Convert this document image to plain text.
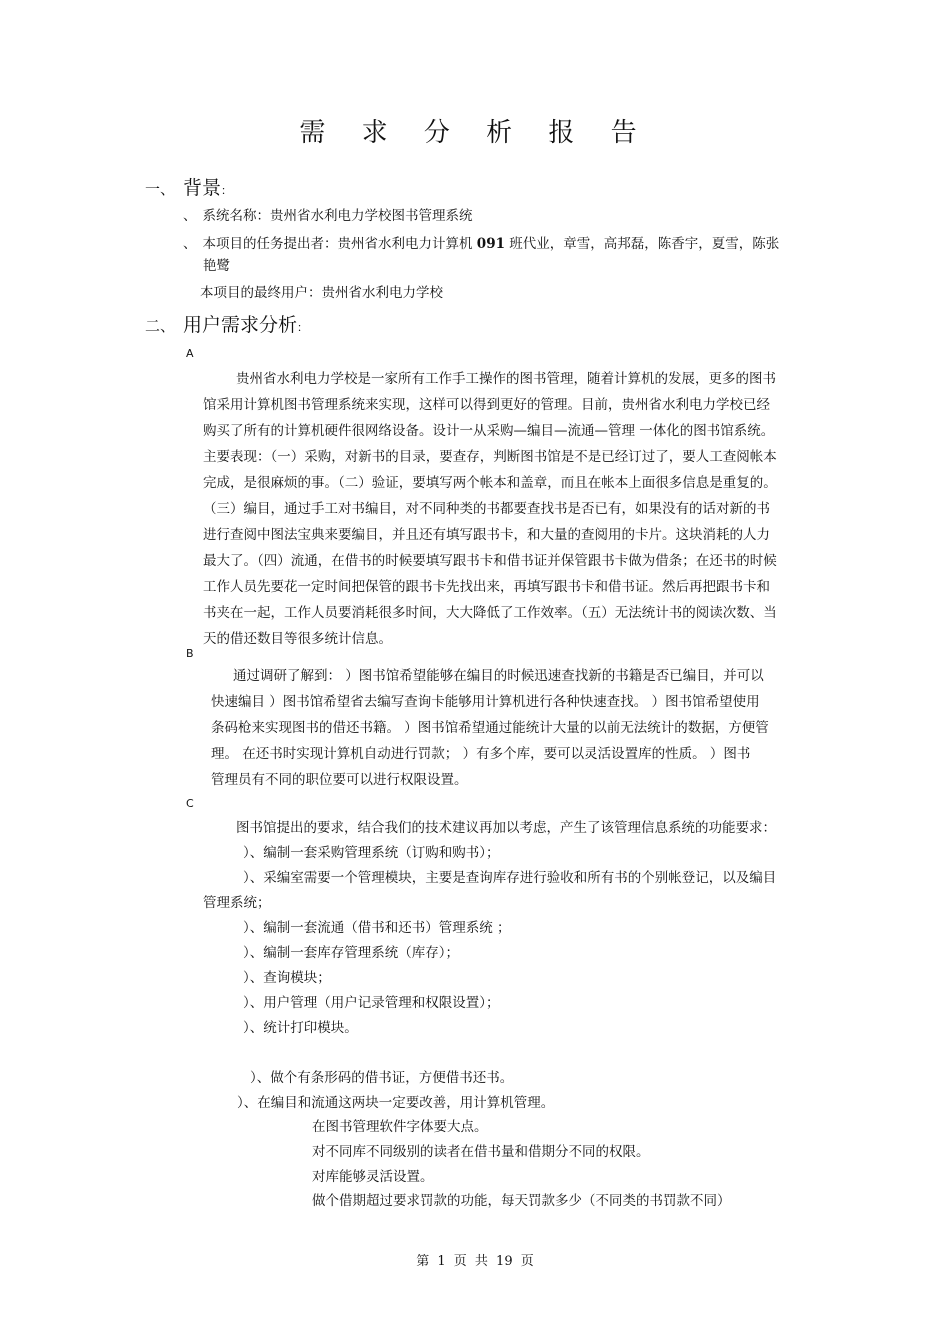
需 求 分 析 报 告
一、 背景：
、 系统名称：贵州省水利电力学校图书管理系统
、 本项目的任务提出者：贵州省水利电力计算机 091 班代业，章雪，高邦磊，陈香宇，夏雪，陈张
艳鹭
本项目的最终用户：贵州省水利电力学校
二、 用户需求分析：
A
贵州省水利电力学校是一家所有工作手工操作的图书管理，随着计算机的发展，更多的图书
馆采用计算机图书管理系统来实现，这样可以得到更好的管理。目前，贵州省水利电力学校已经
购买了所有的计算机硬件很网络设备。设计一从采购—编目—流通—管理 一体化的图书馆系统。
主要表现：（一）采购，对新书的目录，要查存，判断图书馆是不是已经订过了，要人工查阅帐本
完成，是很麻烦的事。（二）验证，要填写两个帐本和盖章，而且在帐本上面很多信息是重复的。
（三）编目，通过手工对书编目，对不同种类的书都要查找书是否已有，如果没有的话对新的书
进行查阅中图法宝典来要编目，并且还有填写跟书卡，和大量的查阅用的卡片。这块消耗的人力
最大了。（四）流通，在借书的时候要填写跟书卡和借书证并保管跟书卡做为借条；在还书的时候
工作人员先要花一定时间把保管的跟书卡先找出来，再填写跟书卡和借书证。然后再把跟书卡和
书夹在一起，工作人员要消耗很多时间，大大降低了工作效率。（五）无法统计书的阅读次数、当
天的借还数目等很多统计信息。
B
通过调研了解到： ）图书馆希望能够在编目的时候迅速查找新的书籍是否已编目，并可以
快速编目 ）图书馆希望省去编写查询卡能够用计算机进行各种快速查找。 ）图书馆希望使用
条码枪来实现图书的借还书籍。 ）图书馆希望通过能统计大量的以前无法统计的数据，方便管
理。 在还书时实现计算机自动进行罚款； ）有多个库，要可以灵活设置库的性质。 ）图书
管理员有不同的职位要可以进行权限设置。
C
图书馆提出的要求，结合我们的技术建议再加以考虑，产生了该管理信息系统的功能要求：
）、编制一套采购管理系统（订购和购书）；
）、采编室需要一个管理模块，主要是查询库存进行验收和所有书的个别帐登记，以及编目
管理系统；
）、编制一套流通（借书和还书）管理系统 ；
）、编制一套库存管理系统（库存）；
）、查询模块；
）、用户管理（用户记录管理和权限设置）；
）、统计打印模块。
）、做个有条形码的借书证，方便借书还书。
）、在编目和流通这两块一定要改善，用计算机管理。
在图书管理软件字体要大点。
对不同库不同级别的读者在借书量和借期分不同的权限。
对库能够灵活设置。
做个借期超过要求罚款的功能，每天罚款多少（不同类的书罚款不同）
第 1 页 共 19 页
